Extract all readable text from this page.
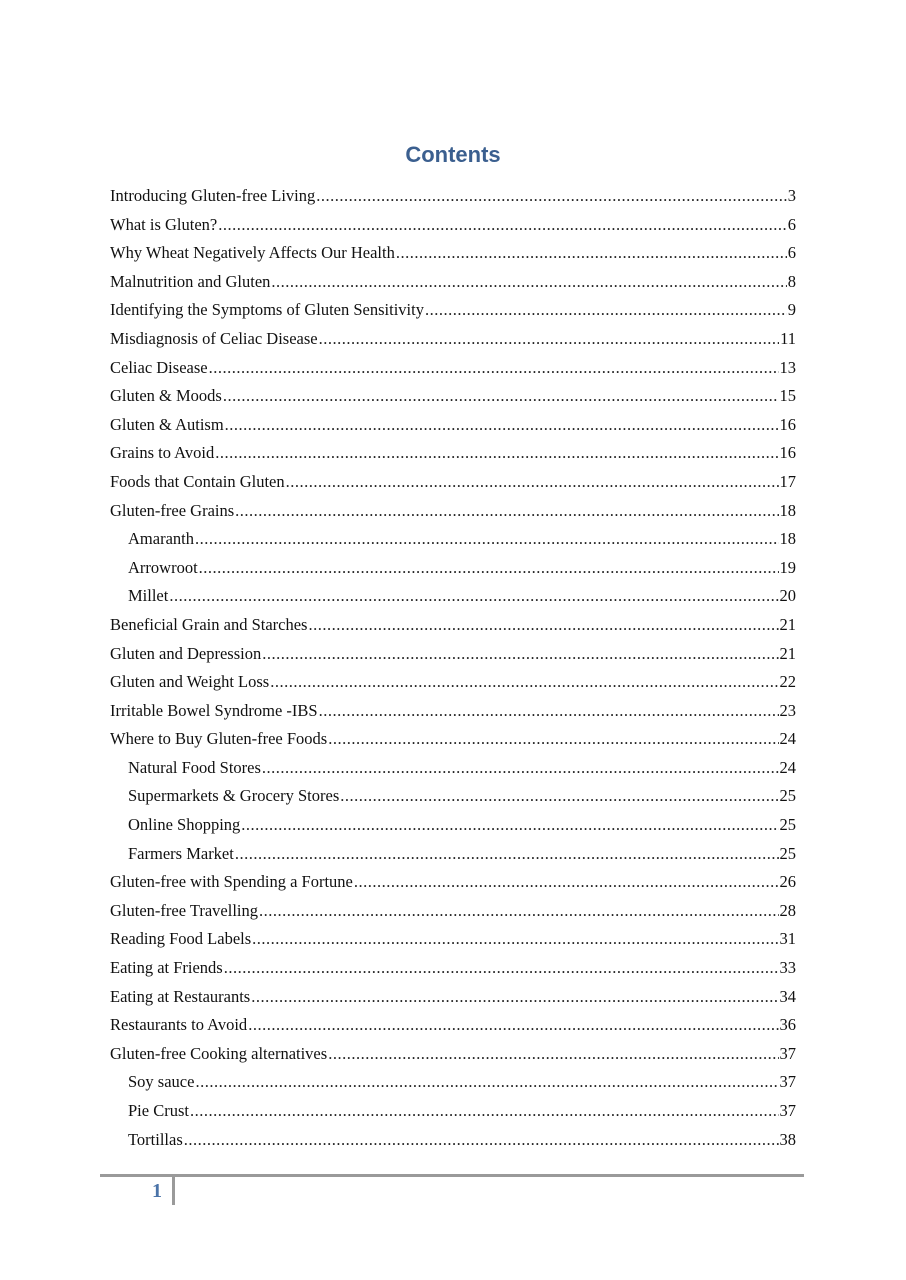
Contents
Introducing Gluten-free Living .....	3
What is Gluten? .....	6
Why Wheat Negatively Affects Our Health .....	6
Malnutrition and Gluten .....	8
Identifying the Symptoms of Gluten Sensitivity .....	9
Misdiagnosis of Celiac Disease .....	11
Celiac Disease .....	13
Gluten & Moods .....	15
Gluten & Autism .....	16
Grains to Avoid .....	16
Foods that Contain Gluten .....	17
Gluten-free Grains .....	18
Amaranth .....	18
Arrowroot .....	19
Millet .....	20
Beneficial Grain and Starches .....	21
Gluten and Depression .....	21
Gluten and Weight Loss .....	22
Irritable Bowel Syndrome -IBS .....	23
Where to Buy Gluten-free Foods .....	24
Natural Food Stores .....	24
Supermarkets & Grocery Stores .....	25
Online Shopping .....	25
Farmers Market .....	25
Gluten-free with Spending a Fortune .....	26
Gluten-free Travelling .....	28
Reading Food Labels .....	31
Eating at Friends .....	33
Eating at Restaurants .....	34
Restaurants to Avoid .....	36
Gluten-free Cooking alternatives .....	37
Soy sauce .....	37
Pie Crust .....	37
Tortillas .....	38
1
